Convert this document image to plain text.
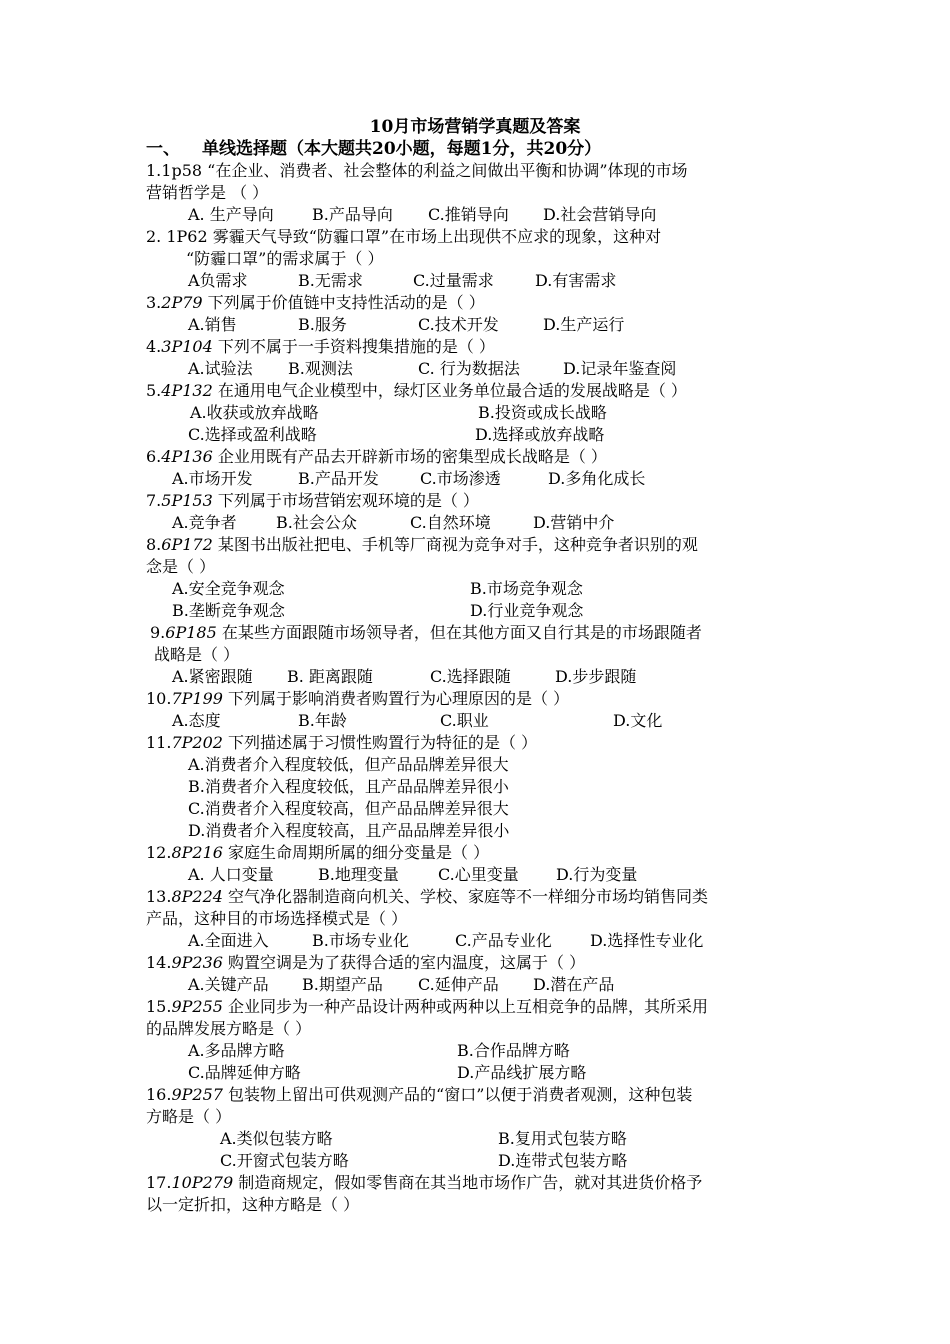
10月市场营销学真题及答案
一、 单线选择题（本大题共20小题，每题1分，共20分）
1.1p58 “在企业、消费者、社会整体的利益之间做出平衡和协调”体现的市场
营销哲学是 （ ）
A. 生产导向 B.产品导向 C.推销导向 D.社会营销导向
2. 1P62 雾霾天气导致“防霾口罩”在市场上出现供不应求的现象，这种对
“防霾口罩”的需求属于（ ）
A负需求	B.无需求	C.过量需求	D.有害需求
3.2P79 下列属于价值链中支持性活动的是（ ）
A.销售	B.服务	C.技术开发	D.生产运行
4.3P104 下列不属于一手资料搜集措施的是（ ）
A.试验法 B.观测法	C. 行为数据法	D.记录年鉴查阅
5.4P132 在通用电气企业模型中，绿灯区业务单位最合适的发展战略是（ ）
A.收获或放弃战略	B.投资或成长战略
C.选择或盈利战略	D.选择或放弃战略
6.4P136 企业用既有产品去开辟新市场的密集型成长战略是（ ）
A.市场开发	B.产品开发	C.市场渗透	D.多角化成长
7.5P153 下列属于市场营销宏观环境的是（ ）
A.竞争者 B.社会公众	C.自然环境	D.营销中介
8.6P172 某图书出版社把电、手机等厂商视为竞争对手，这种竞争者识别的观
念是（ ）
A.安全竞争观念	B.市场竞争观念
B.垄断竞争观念	D.行业竞争观念
9.6P185 在某些方面跟随市场领导者，但在其他方面又自行其是的市场跟随者
战略是（ ）
A.紧密跟随 B. 距离跟随	C.选择跟随	D.步步跟随
10.7P199 下列属于影响消费者购置行为心理原因的是（ ）
A.态度	B.年龄	C.职业	D.文化
11.7P202 下列描述属于习惯性购置行为特征的是（ ）
A.消费者介入程度较低，但产品品牌差异很大
B.消费者介入程度较低，且产品品牌差异很小
C.消费者介入程度较高，但产品品牌差异很大
D.消费者介入程度较高，且产品品牌差异很小
12.8P216 家庭生命周期所属的细分变量是（ ）
A. 人口变量	B.地理变量 C.心里变量 D.行为变量
13.8P224 空气净化器制造商向机关、学校、家庭等不一样细分市场均销售同类
产品，这种目的市场选择模式是（ ）
A.全面进入	B.市场专业化	C.产品专业化 D.选择性专业化
14.9P236 购置空调是为了获得合适的室内温度，这属于（ ）
A.关键产品 B.期望产品 C.延伸产品 D.潜在产品
15.9P255 企业同步为一种产品设计两种或两种以上互相竞争的品牌，其所采用
的品牌发展方略是（ ）
A.多品牌方略	B.合作品牌方略
C.品牌延伸方略	D.产品线扩展方略
16.9P257 包装物上留出可供观测产品的“窗口”以便于消费者观测，这种包装
方略是（ ）
A.类似包装方略	B.复用式包装方略
C.开窗式包装方略	D.连带式包装方略
17.10P279 制造商规定，假如零售商在其当地市场作广告，就对其进货价格予
以一定折扣，这种方略是（ ）
